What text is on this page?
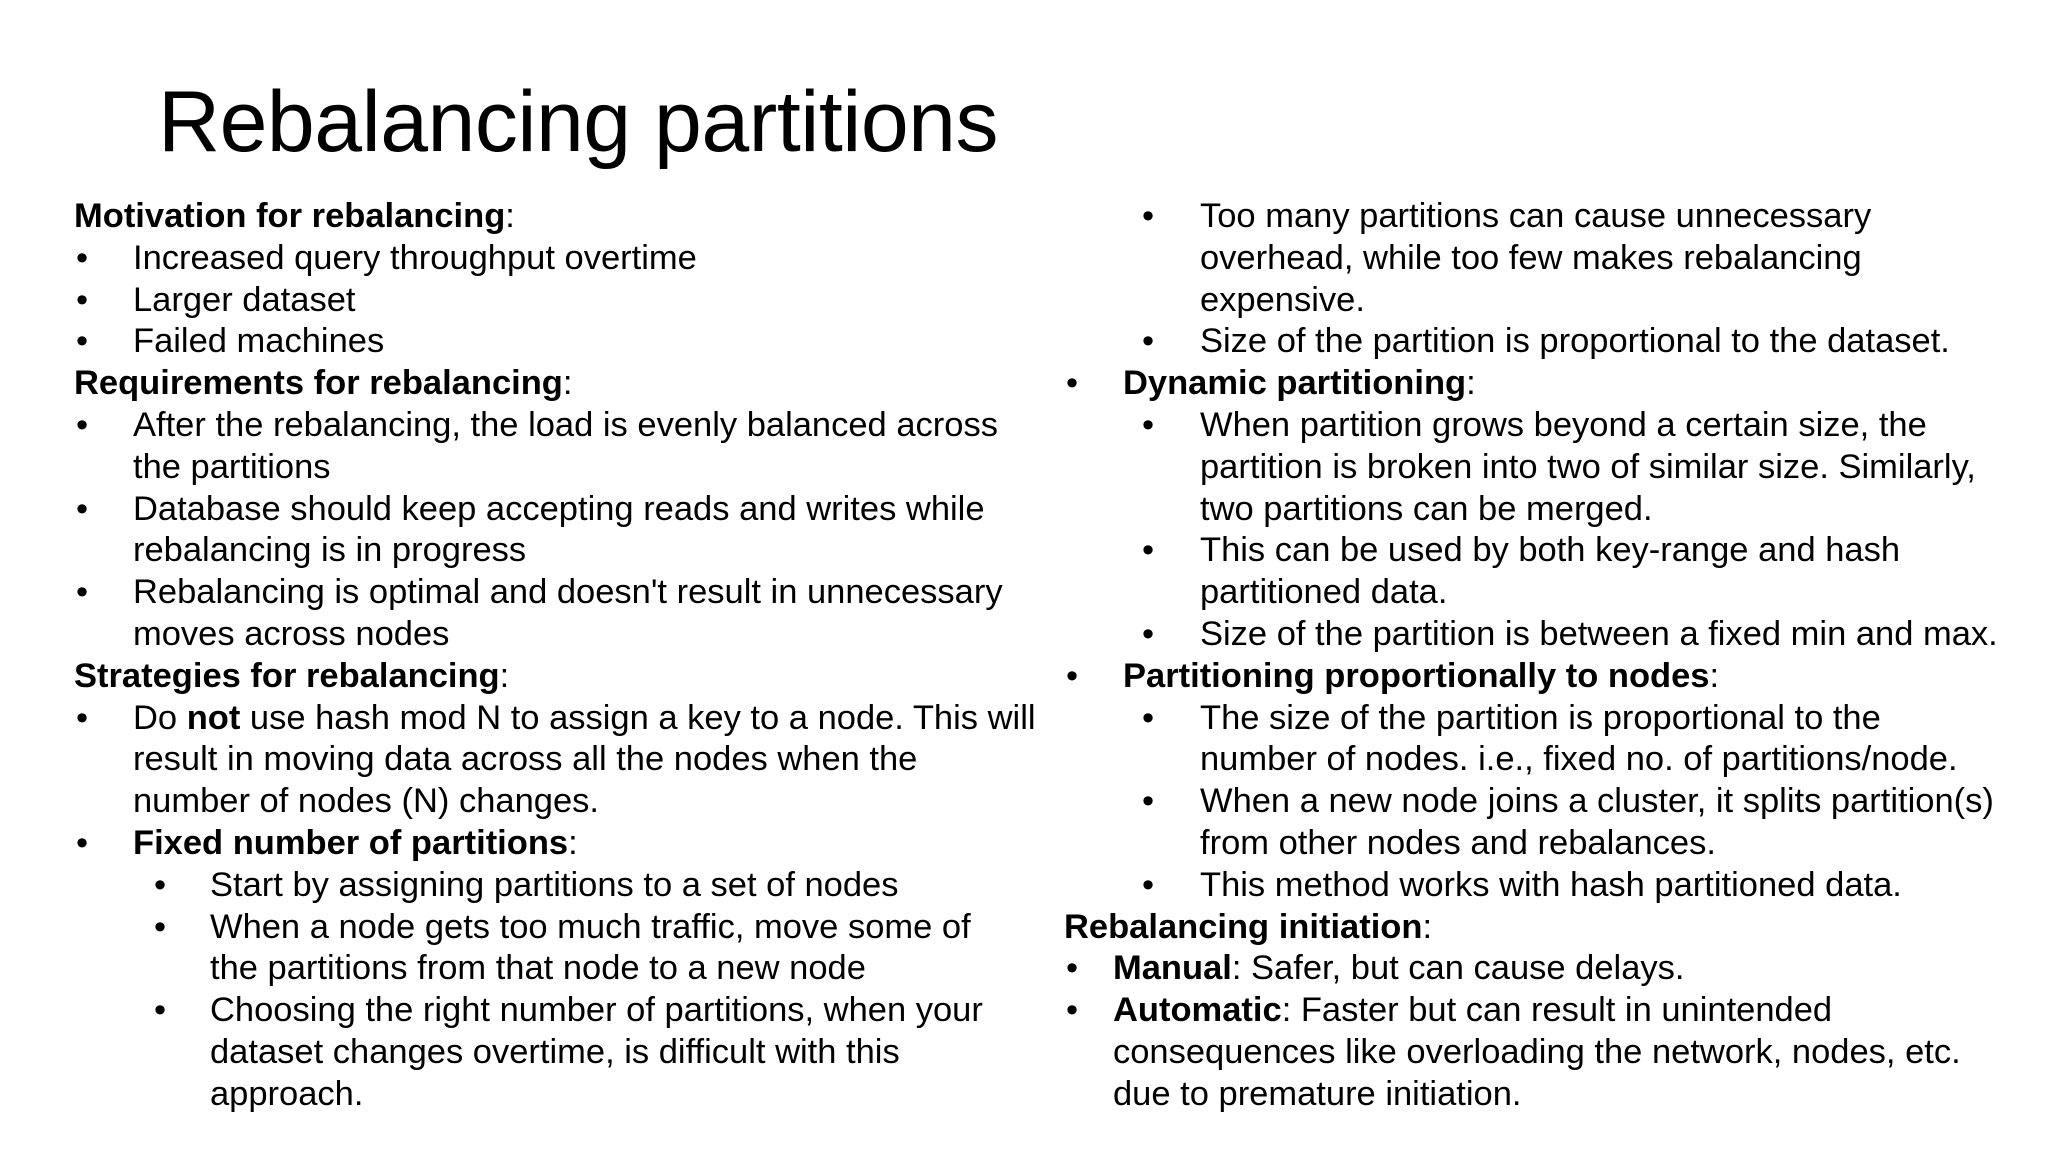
Rebalancing partitions
Motivation for rebalancing:
• Increased query throughput overtime
• Larger dataset
• Failed machines
Requirements for rebalancing:
• After the rebalancing, the load is evenly balanced across
the partitions
• Database should keep accepting reads and writes while
rebalancing is in progress
• Rebalancing is optimal and doesn't result in unnecessary
moves across nodes
Strategies for rebalancing:
• Do not use hash mod N to assign a key to a node. This will
result in moving data across all the nodes when the
number of nodes (N) changes.
• Fixed number of partitions:
• Start by assigning partitions to a set of nodes
• When a node gets too much traffic, move some of
the partitions from that node to a new node
• Choosing the right number of partitions, when your
dataset changes overtime, is difficult with this
approach.
• Too many partitions can cause unnecessary
overhead, while too few makes rebalancing
expensive.
• Size of the partition is proportional to the dataset.
• Dynamic partitioning:
• When partition grows beyond a certain size, the
partition is broken into two of similar size. Similarly,
two partitions can be merged.
• This can be used by both key-range and hash
partitioned data.
• Size of the partition is between a fixed min and max.
• Partitioning proportionally to nodes:
• The size of the partition is proportional to the
number of nodes. i.e., fixed no. of partitions/node.
• When a new node joins a cluster, it splits partition(s)
from other nodes and rebalances.
• This method works with hash partitioned data.
Rebalancing initiation:
• Manual: Safer, but can cause delays.
• Automatic: Faster but can result in unintended
consequences like overloading the network, nodes, etc.
due to premature initiation.
